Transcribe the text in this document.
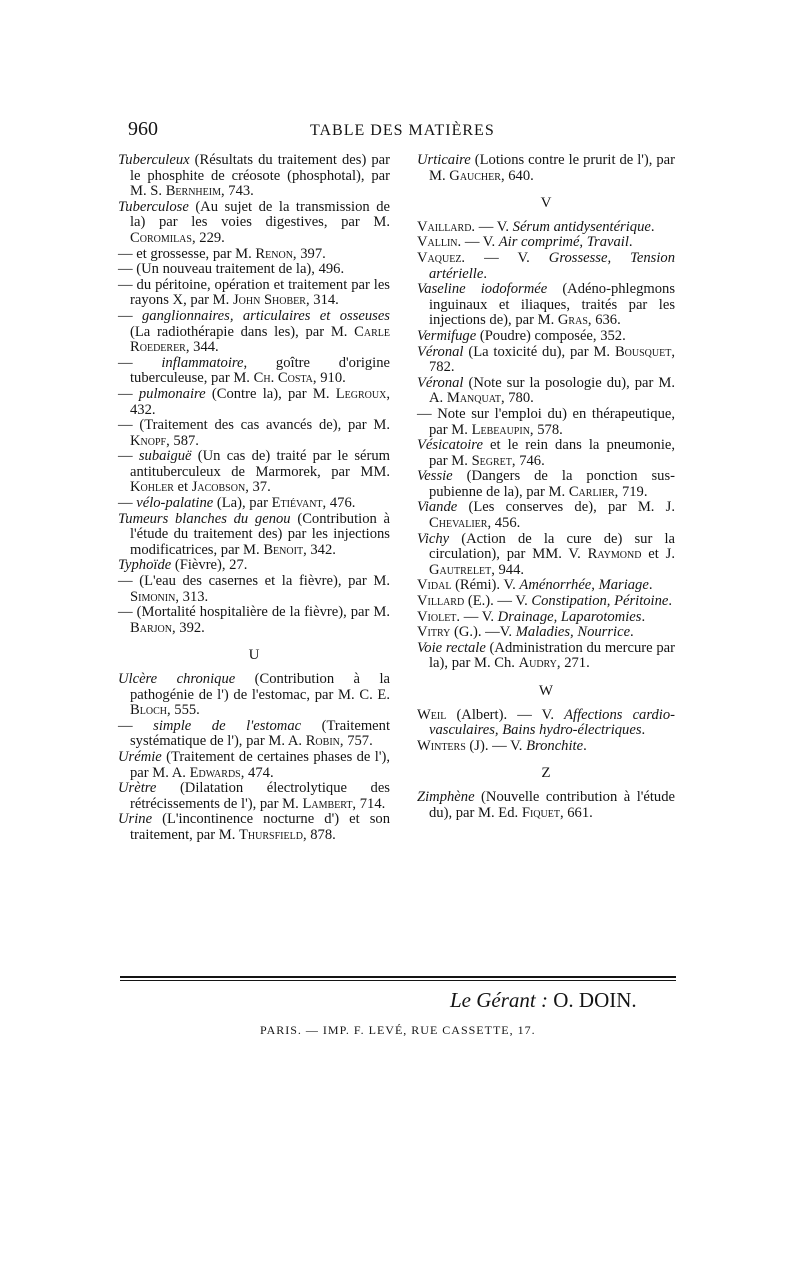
960	TABLE DES MATIÈRES
Tuberculeux (Résultats du traitement des) par le phosphite de créosote (phosphotal), par M. S. Bernheim, 743.
Tuberculose (Au sujet de la transmission de la) par les voies digestives, par M. Coromilas, 229.
— et grossesse, par M. Renon, 397.
— (Un nouveau traitement de la), 496.
— du péritoine, opération et traitement par les rayons X, par M. John Shober, 314.
— ganglionnaires, articulaires et osseuses (La radiothérapie dans les), par M. Carle Roederer, 344.
— inflammatoire, goître d'origine tuberculeuse, par M. Ch. Costa, 910.
— pulmonaire (Contre la), par M. Legroux, 432.
— (Traitement des cas avancés de), par M. Knopf, 587.
— subaiguë (Un cas de) traité par le sérum antituberculeux de Marmorek, par MM. Kohler et Jacobson, 37.
— vélo-palatine (La), par Etiévant, 476.
Tumeurs blanches du genou (Contribution à l'étude du traitement des) par les injections modificatrices, par M. Benoit, 342.
Typhoïde (Fièvre), 27.
— (L'eau des casernes et la fièvre), par M. Simonin, 313.
— (Mortalité hospitalière de la fièvre), par M. Barjon, 392.
U
Ulcère chronique (Contribution à la pathogénie de l') de l'estomac, par M. C. E. Bloch, 555.
— simple de l'estomac (Traitement systématique de l'), par M. A. Robin, 757.
Urémie (Traitement de certaines phases de l'), par M. A. Edwards, 474.
Urètre (Dilatation électrolytique des rétrécissements de l'), par M. Lambert, 714.
Urine (L'incontinence nocturne d') et son traitement, par M. Thursfield, 878.
Urticaire (Lotions contre le prurit de l'), par M. Gaucher, 640.
V
Vaillard. — V. Sérum antidysentérique.
Vallin. — V. Air comprimé, Travail.
Vaquez. — V. Grossesse, Tension artérielle.
Vaseline iodoformée (Adéno-phlegmons inguinaux et iliaques, traités par les injections de), par M. Gras, 636.
Vermifuge (Poudre) composée, 352.
Véronal (La toxicité du), par M. Bousquet, 782.
Véronal (Note sur la posologie du), par M. A. Manquat, 780.
— Note sur l'emploi du) en thérapeutique, par M. Lebeaupin, 578.
Vésicatoire et le rein dans la pneumonie, par M. Segret, 746.
Vessie (Dangers de la ponction sus-pubienne de la), par M. Carlier, 719.
Viande (Les conserves de), par M. J. Chevalier, 456.
Vichy (Action de la cure de) sur la circulation), par MM. V. Raymond et J. Gautrelet, 944.
Vidal (Rémi). V. Aménorrhée, Mariage.
Villard (E.). — V. Constipation, Péritoine.
Violet. — V. Drainage, Laparotomies.
Vitry (G.). —V. Maladies, Nourrice.
Voie rectale (Administration du mercure par la), par M. Ch. Audry, 271.
W
Weil (Albert). — V. Affections cardio-vasculaires, Bains hydro-électriques.
Winters (J). — V. Bronchite.
Z
Zimphène (Nouvelle contribution à l'étude du), par M. Ed. Fiquet, 661.
Le Gérant : O. DOIN.
PARIS. — IMP. F. LEVÉ, RUE CASSETTE, 17.
